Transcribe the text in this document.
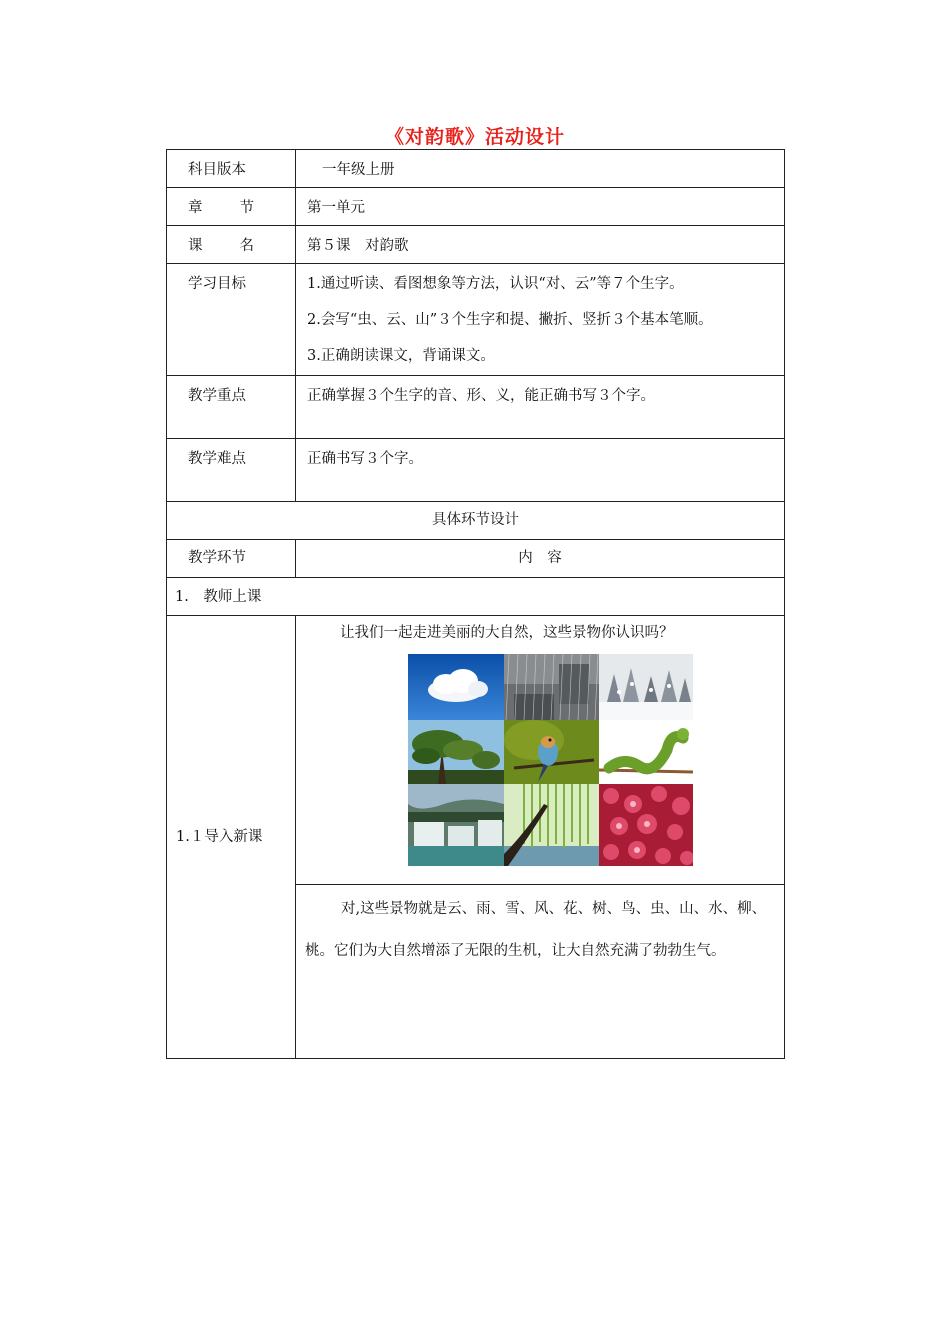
《对韵歌》活动设计
科目版本	一年级上册

章 节	第一单元

课 名	第５课　对韵歌
学习目标	1.通过听读、看图想象等方法，认识“对、云”等７个生字。
2.会写“虫、云、山”３个生字和提、撇折、竖折３个基本笔顺。
3.正确朗读课文，背诵课文。

教学重点	正确掌握３个生字的音、形、义，能正确书写３个字。
教学难点	正确书写３个字。
具体环节设计	
教学环节	内　容
1.　教师上课	

1.１导入新课	让我们一起走进美丽的大自然，这些景物你认识吗？

	对,这些景物就是云、雨、雪、风、花、树、鸟、虫、山、水、柳、桃。它们为大自然增添了无限的生机，让大自然充满了勃勃生气。
